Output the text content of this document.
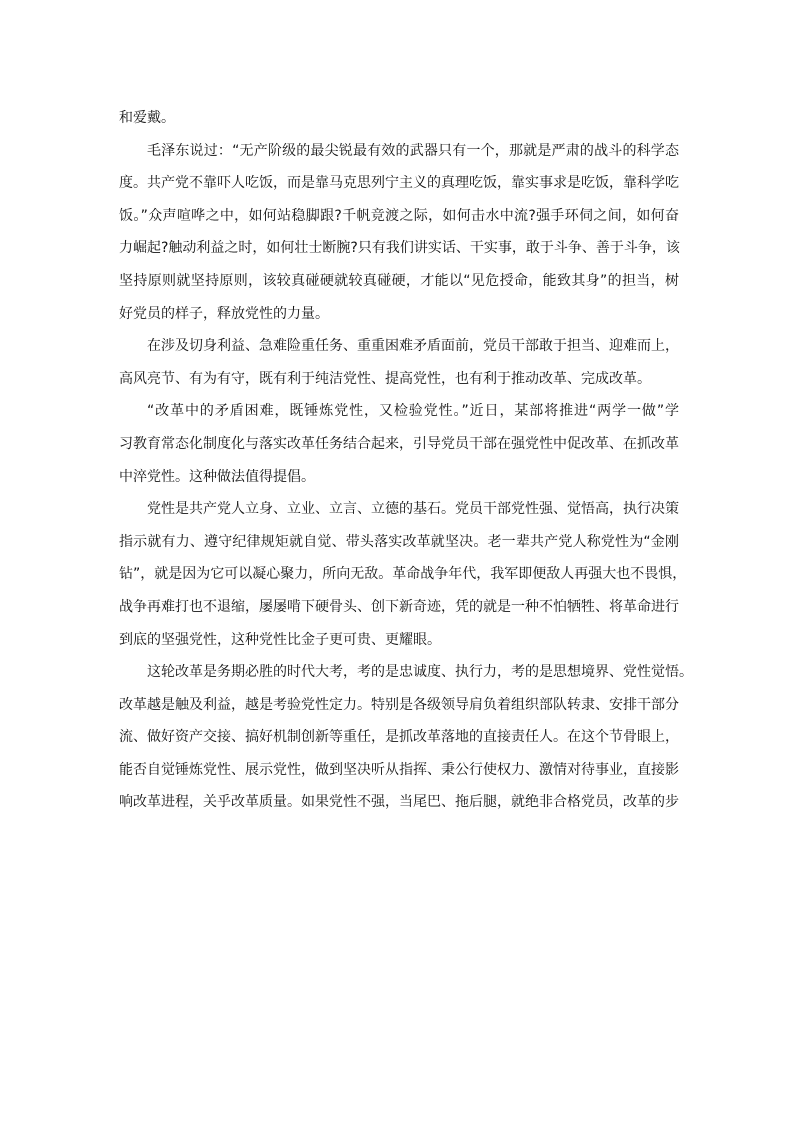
和爱戴。
毛泽东说过：“无产阶级的最尖锐最有效的武器只有一个，那就是严肃的战斗的科学态
度。共产党不靠吓人吃饭，而是靠马克思列宁主义的真理吃饭，靠实事求是吃饭，靠科学吃
饭。”众声喧哗之中，如何站稳脚跟?千帆竞渡之际，如何击水中流?强手环伺之间，如何奋
力崛起?触动利益之时，如何壮士断腕?只有我们讲实话、干实事，敢于斗争、善于斗争，该
坚持原则就坚持原则，该较真碰硬就较真碰硬，才能以“见危授命，能致其身”的担当，树
好党员的样子，释放党性的力量。
在涉及切身利益、急难险重任务、重重困难矛盾面前，党员干部敢于担当、迎难而上，
高风亮节、有为有守，既有利于纯洁党性、提高党性，也有利于推动改革、完成改革。
“改革中的矛盾困难，既锤炼党性，又检验党性。”近日，某部将推进“两学一做”学
习教育常态化制度化与落实改革任务结合起来，引导党员干部在强党性中促改革、在抓改革
中淬党性。这种做法值得提倡。
党性是共产党人立身、立业、立言、立德的基石。党员干部党性强、觉悟高，执行决策
指示就有力、遵守纪律规矩就自觉、带头落实改革就坚决。老一辈共产党人称党性为“金刚
钻”，就是因为它可以凝心聚力，所向无敌。革命战争年代，我军即便敌人再强大也不畏惧，
战争再难打也不退缩，屡屡啃下硬骨头、创下新奇迹，凭的就是一种不怕牺牲、将革命进行
到底的坚强党性，这种党性比金子更可贵、更耀眼。
这轮改革是务期必胜的时代大考，考的是忠诚度、执行力，考的是思想境界、党性觉悟。
改革越是触及利益，越是考验党性定力。特别是各级领导肩负着组织部队转隶、安排干部分
流、做好资产交接、搞好机制创新等重任，是抓改革落地的直接责任人。在这个节骨眼上，
能否自觉锤炼党性、展示党性，做到坚决听从指挥、秉公行使权力、激情对待事业，直接影
响改革进程，关乎改革质量。如果党性不强，当尾巴、拖后腿，就绝非合格党员，改革的步
